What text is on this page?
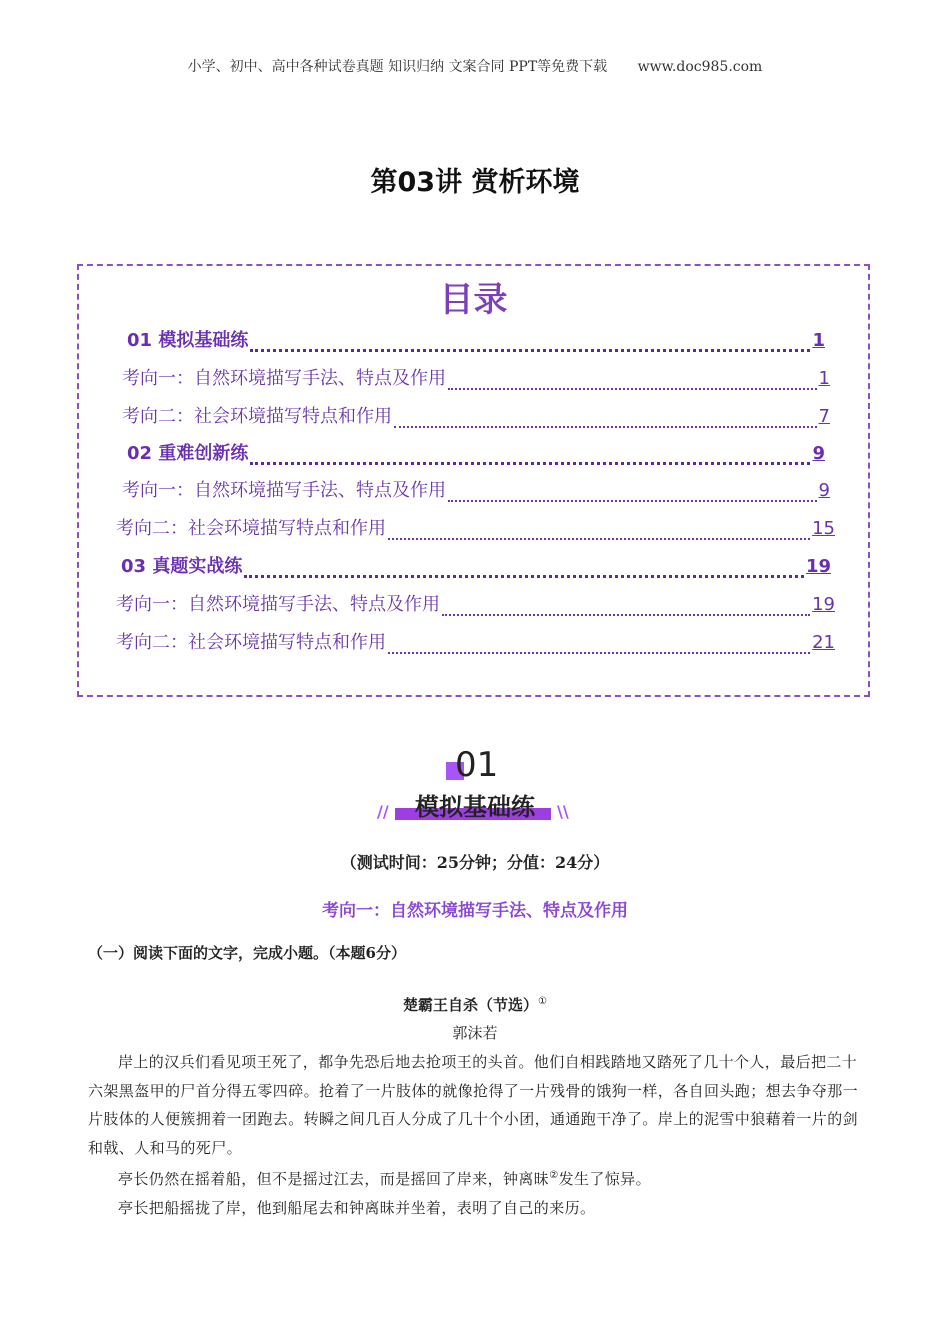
小学、初中、高中各种试卷真题 知识归纳 文案合同 PPT等免费下载 www.doc985.com
第03讲 赏析环境
目录
01 模拟基础练	1
考向一：自然环境描写手法、特点及作用	1
考向二：社会环境描写特点和作用	7
02 重难创新练	9
考向一：自然环境描写手法、特点及作用	9
考向二：社会环境描写特点和作用	15
03 真题实战练	19
考向一：自然环境描写手法、特点及作用	19
考向二：社会环境描写特点和作用	21
01
//	模拟基础练	\\
（测试时间：25分钟；分值：24分）
考向一：自然环境描写手法、特点及作用
（一）阅读下面的文字，完成小题。（本题6分）
楚霸王自杀（节选）①
郭沫若

岸上的汉兵们看见项王死了，都争先恐后地去抢项王的头首。他们自相践踏地又踏死了几十个人，最后把二十六架黑盔甲的尸首分得五零四碎。抢着了一片肢体的就像抢得了一片残骨的饿狗一样，各自回头跑；想去争夺那一片肢体的人便簇拥着一团跑去。转瞬之间几百人分成了几十个小团，通通跑干净了。岸上的泥雪中狼藉着一片的剑和戟、人和马的死尸。

亭长仍然在摇着船，但不是摇过江去，而是摇回了岸来，钟离昧②发生了惊异。

亭长把船摇拢了岸，他到船尾去和钟离昧并坐着，表明了自己的来历。
